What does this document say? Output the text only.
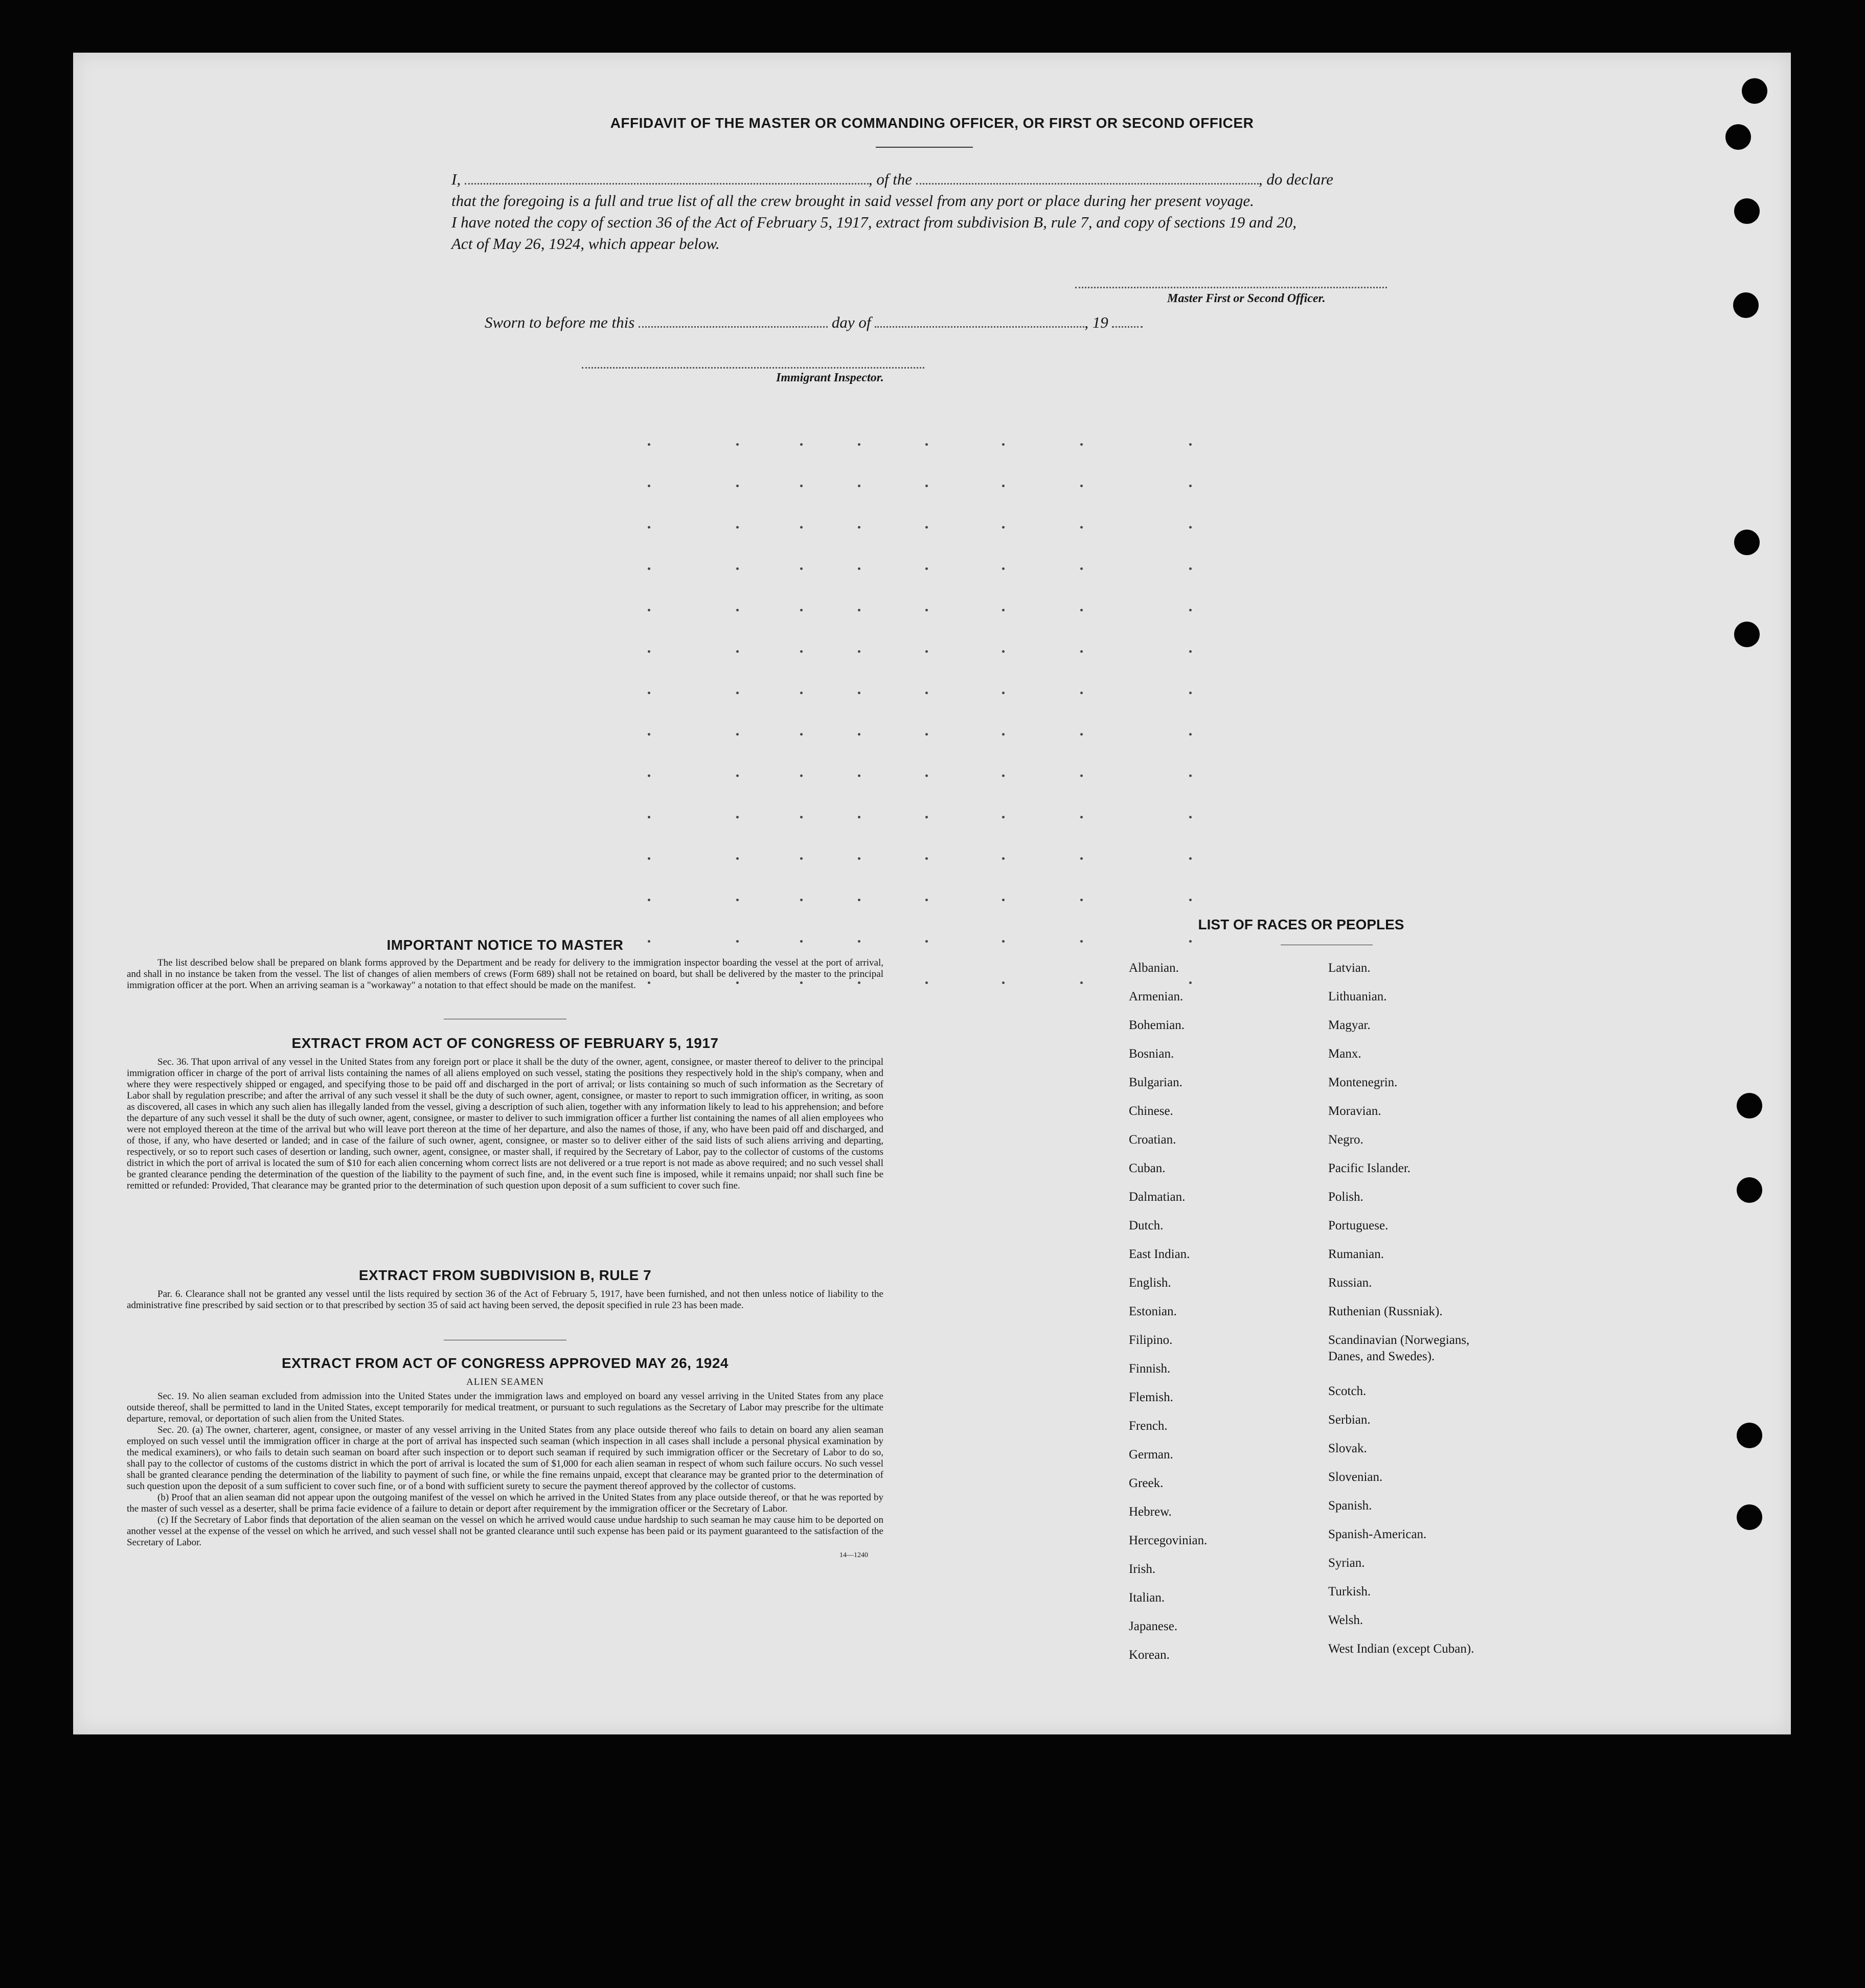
AFFIDAVIT OF THE MASTER OR COMMANDING OFFICER, OR FIRST OR SECOND OFFICER
I,	, of the	, do declare
that the foregoing is a full and true list of all the crew brought in said vessel from any port or place during her present voyage.
I have noted the copy of section 36 of the Act of February 5, 1917, extract from subdivision B, rule 7, and copy of sections 19 and 20,
Act of May 26, 1924, which appear below.
Master First or Second Officer.
Sworn to before me this	day of	, 19
Immigrant Inspector.
IMPORTANT NOTICE TO MASTER
The list described below shall be prepared on blank forms approved by the Department and be ready for delivery to the immigration inspector boarding the vessel at the port of arrival, and shall in no instance be taken from the vessel. The list of changes of alien members of crews (Form 689) shall not be retained on board, but shall be delivered by the master to the principal immigration officer at the port. When an arriving seaman is a "workaway" a notation to that effect should be made on the manifest.
EXTRACT FROM ACT OF CONGRESS OF FEBRUARY 5, 1917
Sec. 36. That upon arrival of any vessel in the United States from any foreign port or place it shall be the duty of the owner, agent, consignee, or master thereof to deliver to the principal immigration officer in charge of the port of arrival lists containing the names of all aliens employed on such vessel, stating the positions they respectively hold in the ship's company, when and where they were respectively shipped or engaged, and specifying those to be paid off and discharged in the port of arrival; or lists containing so much of such information as the Secretary of Labor shall by regulation prescribe; and after the arrival of any such vessel it shall be the duty of such owner, agent, consignee, or master to report to such immigration officer, in writing, as soon as discovered, all cases in which any such alien has illegally landed from the vessel, giving a description of such alien, together with any information likely to lead to his apprehension; and before the departure of any such vessel it shall be the duty of such owner, agent, consignee, or master to deliver to such immigration officer a further list containing the names of all alien employees who were not employed thereon at the time of the arrival but who will leave port thereon at the time of her departure, and also the names of those, if any, who have been paid off and discharged, and of those, if any, who have deserted or landed; and in case of the failure of such owner, agent, consignee, or master so to deliver either of the said lists of such aliens arriving and departing, respectively, or so to report such cases of desertion or landing, such owner, agent, consignee, or master shall, if required by the Secretary of Labor, pay to the collector of customs of the customs district in which the port of arrival is located the sum of $10 for each alien concerning whom correct lists are not delivered or a true report is not made as above required; and no such vessel shall be granted clearance pending the determination of the question of the liability to the payment of such fine, and, in the event such fine is imposed, while it remains unpaid; nor shall such fine be remitted or refunded: Provided, That clearance may be granted prior to the determination of such question upon deposit of a sum sufficient to cover such fine.
EXTRACT FROM SUBDIVISION B, RULE 7
Par. 6. Clearance shall not be granted any vessel until the lists required by section 36 of the Act of February 5, 1917, have been furnished, and not then unless notice of liability to the administrative fine prescribed by said section or to that prescribed by section 35 of said act having been served, the deposit specified in rule 23 has been made.
EXTRACT FROM ACT OF CONGRESS APPROVED MAY 26, 1924
ALIEN SEAMEN
Sec. 19. No alien seaman excluded from admission into the United States under the immigration laws and employed on board any vessel arriving in the United States from any place outside thereof, shall be permitted to land in the United States, except temporarily for medical treatment, or pursuant to such regulations as the Secretary of Labor may prescribe for the ultimate departure, removal, or deportation of such alien from the United States.
Sec. 20. (a) The owner, charterer, agent, consignee, or master of any vessel arriving in the United States from any place outside thereof who fails to detain on board any alien seaman employed on such vessel until the immigration officer in charge at the port of arrival has inspected such seaman (which inspection in all cases shall include a personal physical examination by the medical examiners), or who fails to detain such seaman on board after such inspection or to deport such seaman if required by such immigration officer or the Secretary of Labor to do so, shall pay to the collector of customs of the customs district in which the port of arrival is located the sum of $1,000 for each alien seaman in respect of whom such failure occurs. No such vessel shall be granted clearance pending the determination of the liability to payment of such fine, or while the fine remains unpaid, except that clearance may be granted prior to the determination of such question upon the deposit of a sum sufficient to cover such fine, or of a bond with sufficient surety to secure the payment thereof approved by the collector of customs.
(b) Proof that an alien seaman did not appear upon the outgoing manifest of the vessel on which he arrived in the United States from any place outside thereof, or that he was reported by the master of such vessel as a deserter, shall be prima facie evidence of a failure to detain or deport after requirement by the immigration officer or the Secretary of Labor.
(c) If the Secretary of Labor finds that deportation of the alien seaman on the vessel on which he arrived would cause undue hardship to such seaman he may cause him to be deported on another vessel at the expense of the vessel on which he arrived, and such vessel shall not be granted clearance until such expense has been paid or its payment guaranteed to the satisfaction of the Secretary of Labor.
14—1240
LIST OF RACES OR PEOPLES
Albanian.
Armenian.
Bohemian.
Bosnian.
Bulgarian.
Chinese.
Croatian.
Cuban.
Dalmatian.
Dutch.
East Indian.
English.
Estonian.
Filipino.
Finnish.
Flemish.
French.
German.
Greek.
Hebrew.
Hercegovinian.
Irish.
Italian.
Japanese.
Korean.
Latvian.
Lithuanian.
Magyar.
Manx.
Montenegrin.
Moravian.
Negro.
Pacific Islander.
Polish.
Portuguese.
Rumanian.
Russian.
Ruthenian (Russniak).
Scandinavian (Norwegians,
Danes, and Swedes).
Scotch.
Serbian.
Slovak.
Slovenian.
Spanish.
Spanish-American.
Syrian.
Turkish.
Welsh.
West Indian (except Cuban).
